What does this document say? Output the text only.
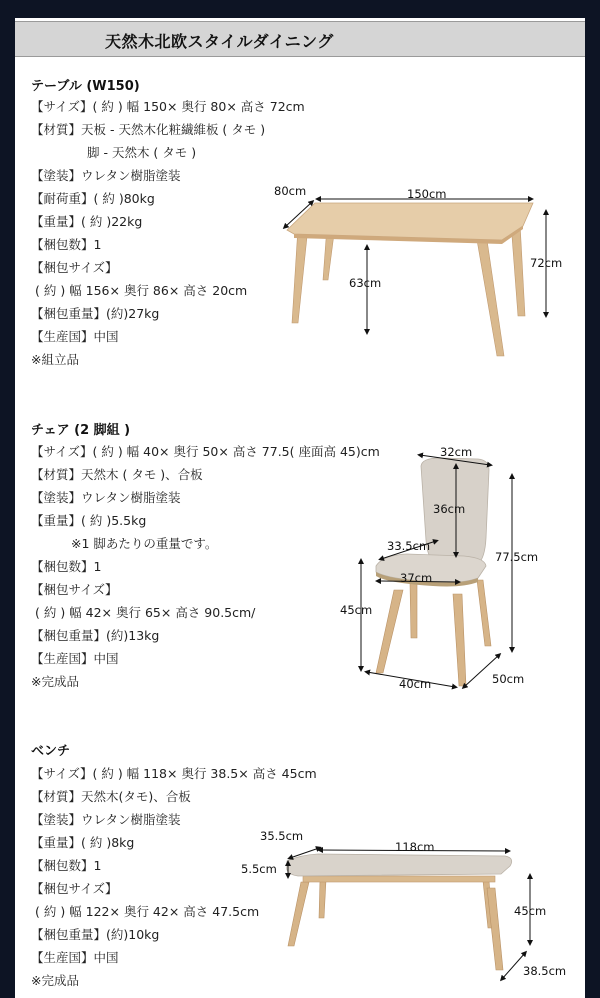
天然木北欧スタイルダイニング
テーブル (W150)
【サイズ】( 約 ) 幅 150× 奥行 80× 高さ 72cm
【材質】天板 - 天然木化粧繊維板 ( タモ )
脚 - 天然木 ( タモ )
【塗装】ウレタン樹脂塗装
【耐荷重】( 約 )80kg
【重量】( 約 )22kg
【梱包数】1
【梱包サイズ】
( 約 ) 幅 156× 奥行 86× 高さ 20cm
【梱包重量】(約)27kg
【生産国】中国
※組立品
チェア (2 脚組 )
【サイズ】( 約 ) 幅 40× 奥行 50× 高さ 77.5( 座面高 45)cm
【材質】天然木 ( タモ )、合板
【塗装】ウレタン樹脂塗装
【重量】( 約 )5.5kg
※1 脚あたりの重量です。
【梱包数】1
【梱包サイズ】
( 約 ) 幅 42× 奥行 65× 高さ 90.5cm/
【梱包重量】(約)13kg
【生産国】中国
※完成品
ベンチ
【サイズ】( 約 ) 幅 118× 奥行 38.5× 高さ 45cm
【材質】天然木(タモ)、合板
【塗装】ウレタン樹脂塗装
【重量】( 約 )8kg
【梱包数】1
【梱包サイズ】
( 約 ) 幅 122× 奥行 42× 高さ 47.5cm
【梱包重量】(約)10kg
【生産国】中国
※完成品
150cm
80cm
72cm
63cm
32cm
36cm
33.5cm
37cm
77.5cm
45cm
40cm	50cm
118cm
35.5cm
5.5cm
45cm
38.5cm
